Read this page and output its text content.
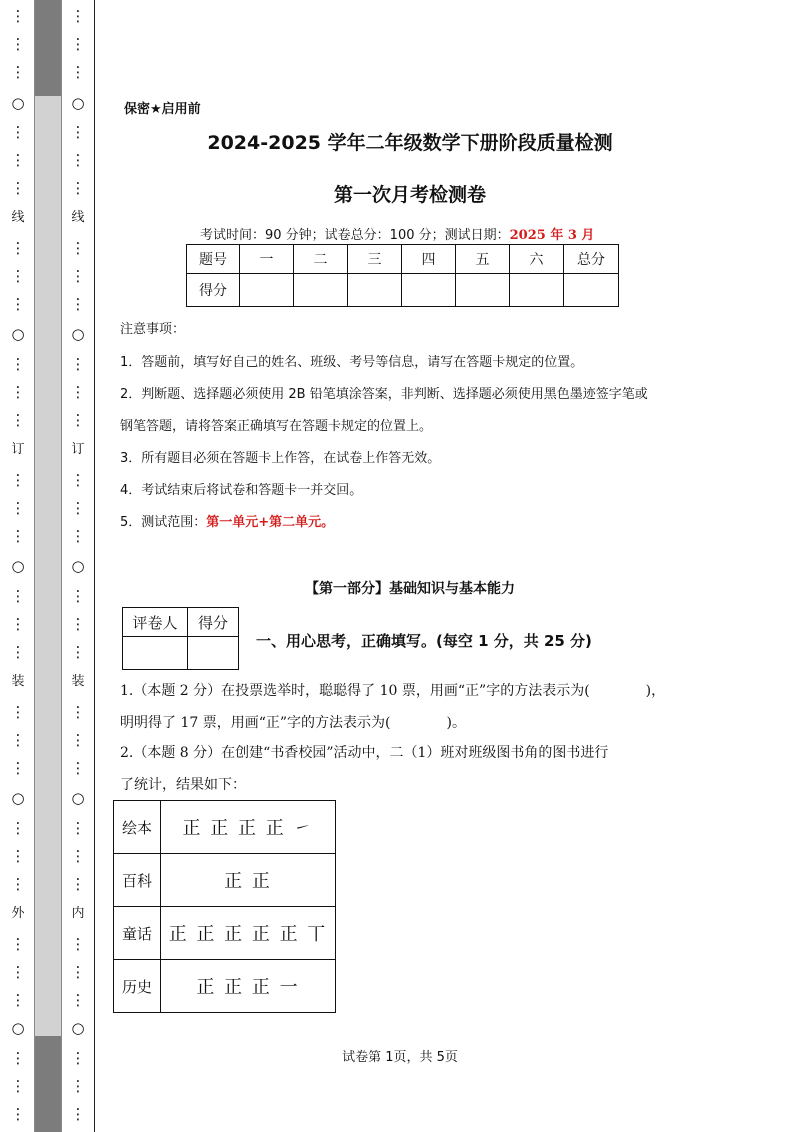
⋮
⋮
⋮
○
⋮
⋮
⋮
线
⋮
⋮
⋮
○
⋮
⋮
⋮
订
⋮
⋮
⋮
○
⋮
⋮
⋮
装
⋮
⋮
⋮
○
⋮
⋮
⋮
外
⋮
⋮
⋮
○
⋮
⋮
⋮
⋮
⋮
⋮
○
⋮
⋮
⋮
线
⋮
⋮
⋮
○
⋮
⋮
⋮
订
⋮
⋮
⋮
○
⋮
⋮
⋮
装
⋮
⋮
⋮
○
⋮
⋮
⋮
内
⋮
⋮
⋮
○
⋮
⋮
⋮
保密★启用前
2024-2025 学年二年级数学下册阶段质量检测
第一次月考检测卷
考试时间：90 分钟；试卷总分：100 分；测试日期：2025 年 3 月
题号	一	二	三	四	五	六	总分
得分							
注意事项：
1．答题前，填写好自己的姓名、班级、考号等信息，请写在答题卡规定的位置。
2．判断题、选择题必须使用 2B 铅笔填涂答案，非判断、选择题必须使用黑色墨迹签字笔或
钢笔答题，请将答案正确填写在答题卡规定的位置上。
3．所有题目必须在答题卡上作答，在试卷上作答无效。
4．考试结束后将试卷和答题卡一并交回。
5．测试范围：第一单元+第二单元。
【第一部分】基础知识与基本能力
评卷人	得分

一、用心思考，正确填写。(每空 1 分，共 25 分)
1.（本题 2 分）在投票选举时，聪聪得了 10 票，用画“正”字的方法表示为(　　　　)，
明明得了 17 票，用画“正”字的方法表示为(　　　　)。
2.（本题 8 分）在创建“书香校园”活动中，二（1）班对班级图书角的图书进行
了统计，结果如下：
绘本	正 正 正 正 ㇀
百科	正 正
童话	正 正 正 正 正 丅
历史	正 正 正 一
试卷第 1页，共 5页
